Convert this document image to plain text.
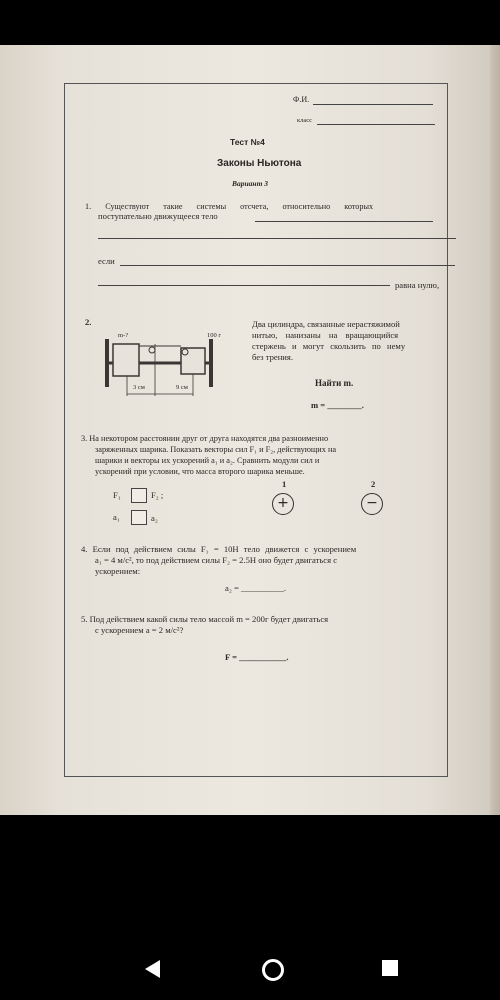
Ф.И.
класс
Тест №4
Законы Ньютона
Вариант 3
1. Существуют такие системы отсчета, относительно которых
поступательно движущееся тело
если
равна нулю,
2.
m-?	100 г
3 см	9 см
Два цилиндра, связанные нерастяжимой
нитью, нанизаны на вращающийся
стержень и могут скользить по нему
без трения.
Найти m.
m = ________.
3. На некотором расстоянии друг от друга находятся два разноименно
заряженных шарика. Показать векторы сил F₁ и F₂, действующих на
шарики и векторы их ускорений a₁ и a₂. Сравнить модули сил и
ускорений при условии, что масса второго шарика меньше.
F₁	F₂ ;
a₁	a₂
1
+
2
−
4. Если под действием силы F₁ = 10Н тело движется с ускорением
a₁ = 4 м/с², то под действием силы F₂ = 2.5Н оно будет двигаться с
ускорением:
a₂ = __________.
5. Под действием какой силы тело массой m = 200г будет двигаться
с ускорением a = 2 м/с²?
F = ___________.
